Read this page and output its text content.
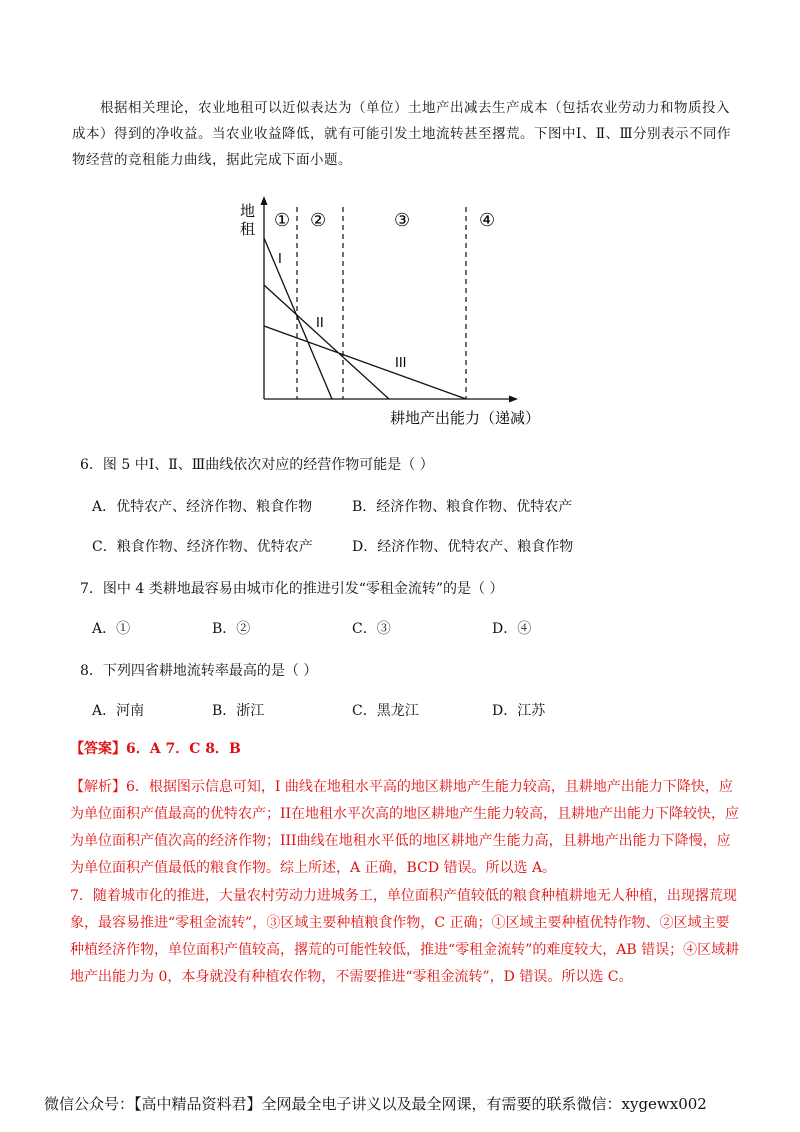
根据相关理论，农业地租可以近似表达为（单位）土地产出减去生产成本（包括农业劳动力和物质投入成本）得到的净收益。当农业收益降低，就有可能引发土地流转甚至撂荒。下图中Ⅰ、Ⅱ、Ⅲ分别表示不同作物经营的竞租能力曲线，据此完成下面小题。

地
租 ① ②	③	④
I
II
III
耕地产出能力（递减）
6．图 5 中Ⅰ、Ⅱ、Ⅲ曲线依次对应的经营作物可能是（ ）
A．优特农产、经济作物、粮食作物	B．经济作物、粮食作物、优特农产
C．粮食作物、经济作物、优特农产	D．经济作物、优特农产、粮食作物
7．图中 4 类耕地最容易由城市化的推进引发“零租金流转”的是（ ）
A．①	B．②	C．③	D．④
8．下列四省耕地流转率最高的是（ ）
A．河南	B．浙江	C．黑龙江	D．江苏
【答案】6．A 7．C 8．B

【解析】6．根据图示信息可知，I 曲线在地租水平高的地区耕地产生能力较高，且耕地产出能力下降快，应为单位面积产值最高的优特农产；II在地租水平次高的地区耕地产生能力较高，且耕地产出能力下降较快，应为单位面积产值次高的经济作物；III曲线在地租水平低的地区耕地产生能力高，且耕地产出能力下降慢，应为单位面积产值最低的粮食作物。综上所述，A 正确，BCD 错误。所以选 A。

7．随着城市化的推进，大量农村劳动力进城务工，单位面积产值较低的粮食种植耕地无人种植，出现撂荒现象，最容易推进“零租金流转”，③区域主要种植粮食作物，C 正确；①区域主要种植优特作物、②区域主要种植经济作物，单位面积产值较高，撂荒的可能性较低，推进“零租金流转”的难度较大，AB 错误；④区域耕地产出能力为 0，本身就没有种植农作物，不需要推进“零租金流转”，D 错误。所以选 C。

微信公众号：【高中精品资料君】全网最全电子讲义以及最全网课，有需要的联系微信：xygewx002
